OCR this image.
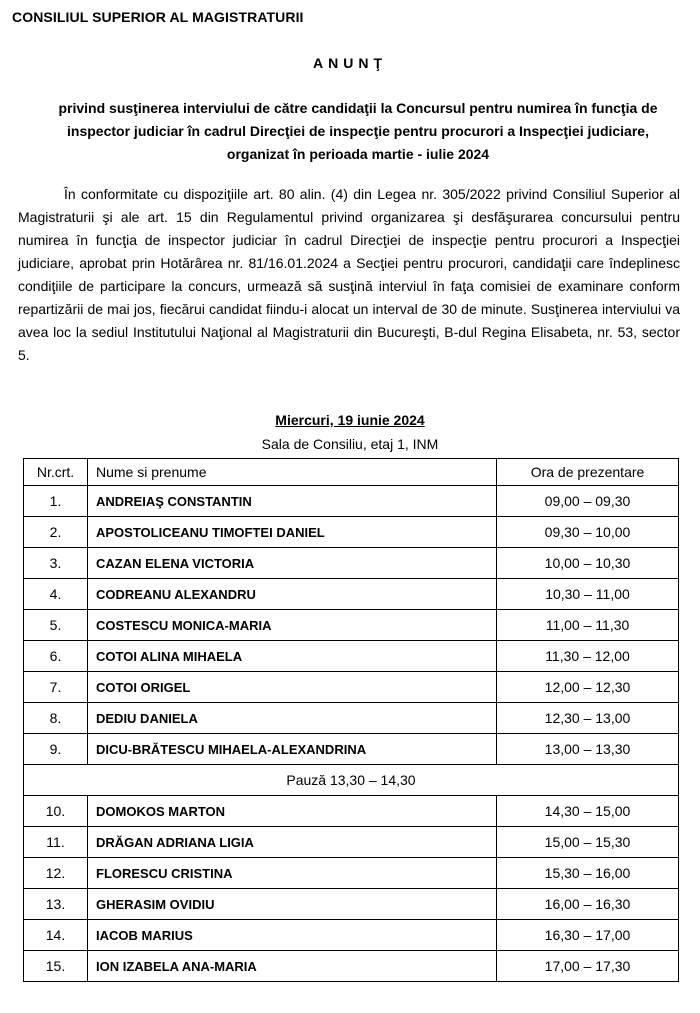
CONSILIUL SUPERIOR AL MAGISTRATURII
ANUNŢ
privind susţinerea interviului de către candidaţii la Concursul pentru numirea în funcţia de inspector judiciar în cadrul Direcţiei de inspecţie pentru procurori a Inspecţiei judiciare, organizat în perioada martie - iulie 2024

În conformitate cu dispoziţiile art. 80 alin. (4) din Legea nr. 305/2022 privind Consiliul Superior al Magistraturii şi ale art. 15 din Regulamentul privind organizarea şi desfăşurarea concursului pentru numirea în funcţia de inspector judiciar în cadrul Direcţiei de inspecţie pentru procurori a Inspecţiei judiciare, aprobat prin Hotărârea nr. 81/16.01.2024 a Secţiei pentru procurori, candidaţii care îndeplinesc condiţiile de participare la concurs, urmează să susţină interviul în faţa comisiei de examinare conform repartizării de mai jos, fiecărui candidat fiindu-i alocat un interval de 30 de minute. Susţinerea interviului va avea loc la sediul Institutului Naţional al Magistraturii din Bucureşti, B-dul Regina Elisabeta, nr. 53, sector 5.

Miercuri, 19 iunie 2024
Sala de Consiliu, etaj 1, INM
Nr.crt.	Nume si prenume	Ora de prezentare
1.	ANDREIAŞ CONSTANTIN	09,00 – 09,30
2.	APOSTOLICEANU TIMOFTEI DANIEL	09,30 – 10,00
3.	CAZAN ELENA VICTORIA	10,00 – 10,30
4.	CODREANU ALEXANDRU	10,30 – 11,00
5.	COSTESCU MONICA-MARIA	11,00 – 11,30
6.	COTOI ALINA MIHAELA	11,30 – 12,00
7.	COTOI ORIGEL	12,00 – 12,30
8.	DEDIU DANIELA	12,30 – 13,00
9.	DICU-BRĂTESCU MIHAELA-ALEXANDRINA	13,00 – 13,30
Pauză 13,30 – 14,30		
10.	DOMOKOS MARTON	14,30 – 15,00
11.	DRĂGAN ADRIANA LIGIA	15,00 – 15,30
12.	FLORESCU CRISTINA	15,30 – 16,00
13.	GHERASIM OVIDIU	16,00 – 16,30
14.	IACOB MARIUS	16,30 – 17,00
15.	ION IZABELA ANA-MARIA	17,00 – 17,30
